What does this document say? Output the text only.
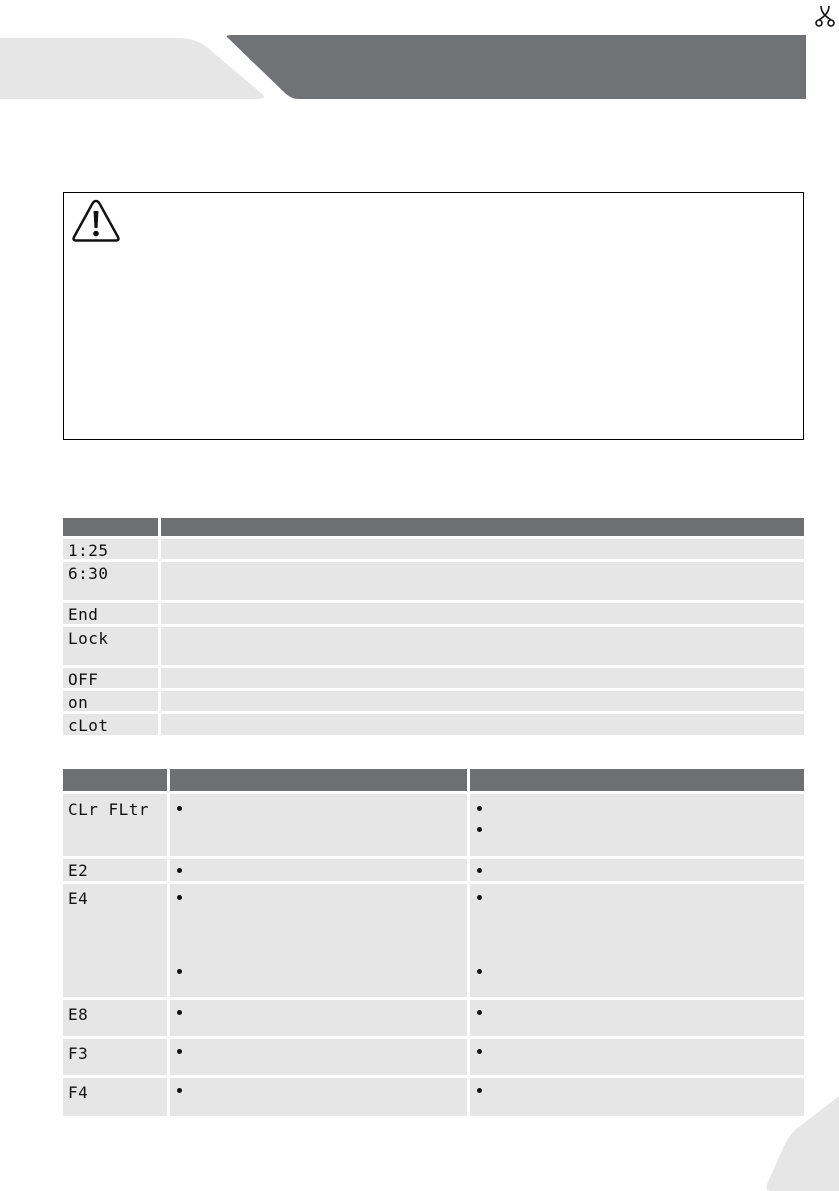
1:25
6:30
End
Lock
OFF
on
cLot
CLr FLtr
E2
E4
E8
F3
F4
